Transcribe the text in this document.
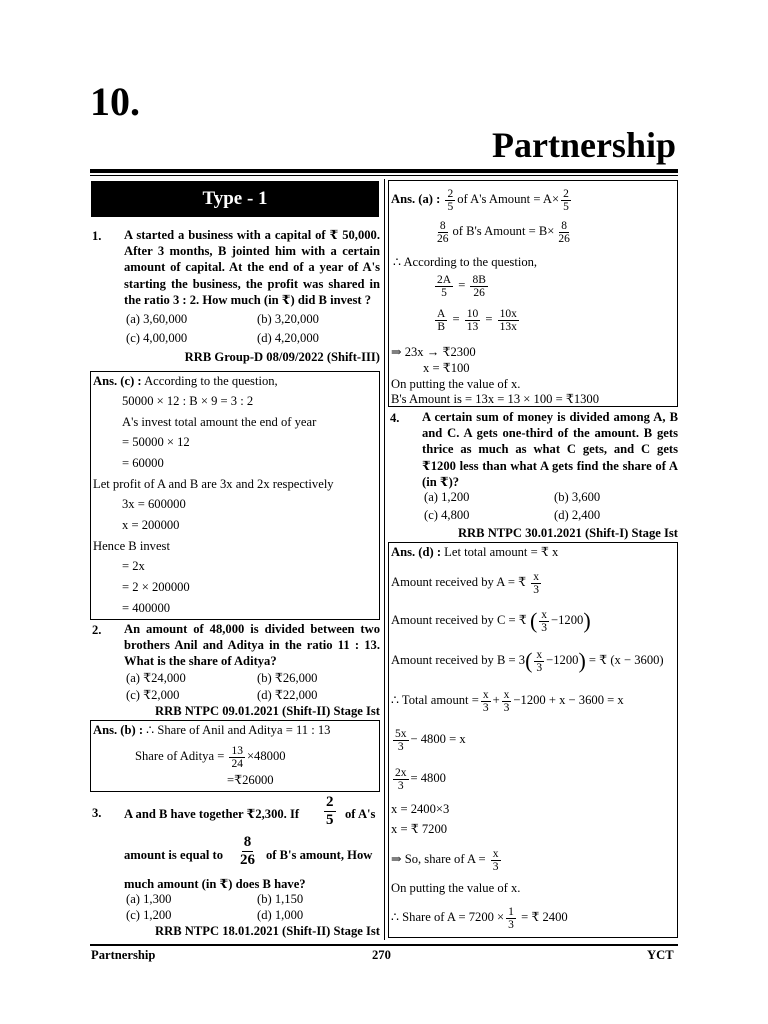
10.
Partnership
Type - 1
1. A started a business with a capital of ₹ 50,000. After 3 months, B jointed him with a certain amount of capital. At the end of a year of A's starting the business, the profit was shared in the ratio 3 : 2. How much (in ₹) did B invest ?
(a) 3,60,000	(b) 3,20,000
(c) 4,00,000	(d) 4,20,000
RRB Group-D 08/09/2022 (Shift-III)
Ans. (c) : According to the question,
50000 × 12 : B × 9 = 3 : 2
A's invest total amount the end of year
= 50000 × 12
= 60000
Let profit of A and B are 3x and 2x respectively
3x = 600000
x = 200000
Hence B invest
= 2x
= 2 × 200000
= 400000
2. An amount of 48,000 is divided between two brothers Anil and Aditya in the ratio 11 : 13. What is the share of Aditya?
(a) ₹24,000	(b) ₹26,000
(c) ₹2,000	(d) ₹22,000
RRB NTPC 09.01.2021 (Shift-II) Stage Ist
Ans. (b) : ∴ Share of Anil and Aditya = 11 : 13
Share of Aditya = $\frac{13}{24} \times 48000$
=₹26000
3. A and B have together ₹2,300. If $\frac{2}{5}$ of A's
amount is equal to $\frac{8}{26}$ of B's amount, How
much amount (in ₹) does B have?
(a) 1,300	(b) 1,150
(c) 1,200	(d) 1,000
RRB NTPC 18.01.2021 (Shift-II) Stage Ist
Ans. (a) : $\frac{2}{5}$ of A's Amount = $A\times \frac{2}{5}$
$\frac{8}{26}$ of B's Amount = $B\times \frac{8}{26}$
∴ According to the question,
$\frac{2A}{5} = \frac{8B}{26}$
$\frac{A}{B} = \frac{10}{13} = \frac{10x}{13x}$
⇒ 23x → ₹2300
x = ₹100
On putting the value of x.
B's Amount is = 13x = 13 × 100 = ₹1300
4. A certain sum of money is divided among A, B and C. A gets one-third of the amount. B gets thrice as much as what C gets, and C gets ₹1200 less than what A gets find the share of A (in ₹)?
(a) 1,200	(b) 3,600
(c) 4,800	(d) 2,400
RRB NTPC 30.01.2021 (Shift-I) Stage Ist
Ans. (d) : Let total amount = ₹ x
Amount received by A = ₹ $\frac{x}{3}$
Amount received by C = ₹ ( $\frac{x}{3} -1200$)
Amount received by $B = 3( \frac{x}{3} -1200)$ = ₹ (x − 3600)
∴ Total amount = $\frac{x}{3} + \frac{x}{3} -1200 + x - 3600 = x$
$\frac{5x}{3} - 4800 = x$
$\frac{2x}{3} = 4800$
x = 2400×3
x = ₹ 7200
⇒ So, share of $A = \frac{x}{3}$
On putting the value of x.
∴ Share of $A = 7200 \times \frac{1}{3}$ = ₹ 2400
Partnership	270	YCT
